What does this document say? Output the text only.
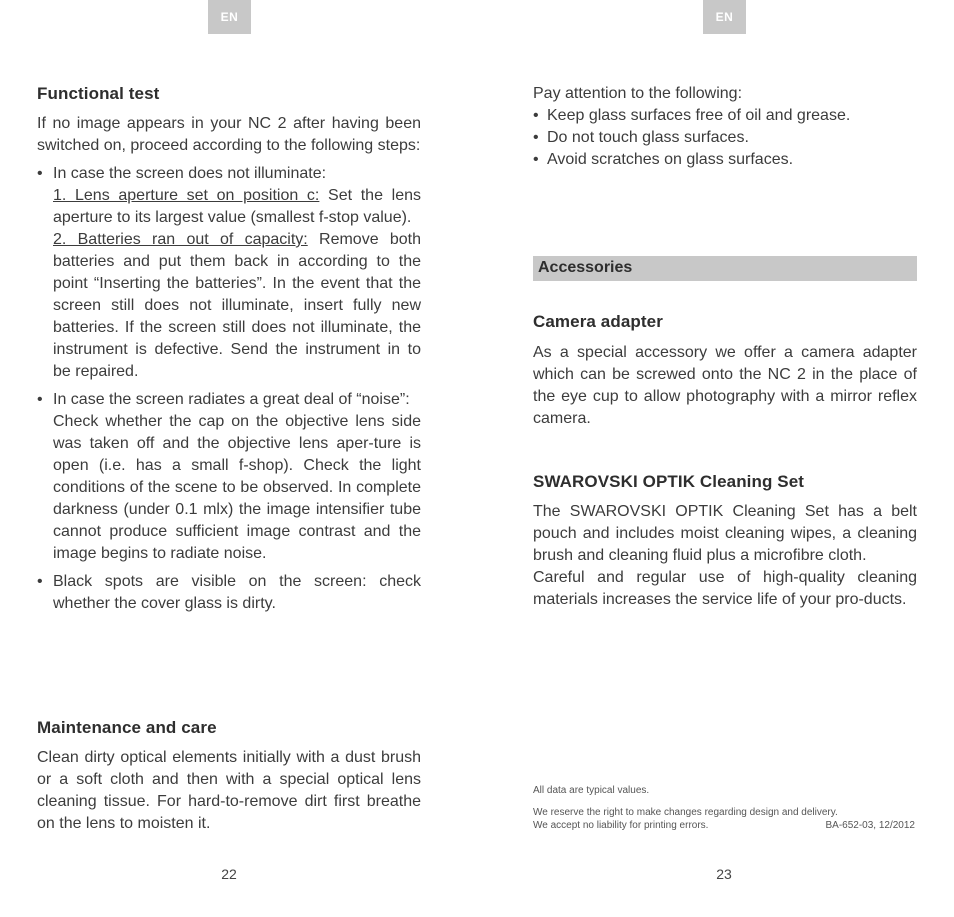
EN
Functional test

If no image appears in your NC 2 after having been switched on, proceed according to the following steps:

• In case the screen does not illuminate:
1. Lens aperture set on position c: Set the lens aperture to its largest value (smallest f-stop value).
2. Batteries ran out of capacity: Remove both batteries and put them back in according to the point “Inserting the batteries”. In the event that the screen still does not illuminate, insert fully new batteries. If the screen still does not illuminate, the instrument is defective. Send the instrument in to be repaired.
• In case the screen radiates a great deal of “noise”:
Check whether the cap on the objective lens side was taken off and the objective lens aper-ture is open (i.e. has a small f-shop). Check the light conditions of the scene to be observed. In complete darkness (under 0.1 mlx) the image intensifier tube cannot produce sufficient image contrast and the image begins to radiate noise.
• Black spots are visible on the screen: check whether the cover glass is dirty.
Maintenance and care

Clean dirty optical elements initially with a dust brush or a soft cloth and then with a special optical lens cleaning tissue. For hard-to-remove dirt first breathe on the lens to moisten it.

22
EN

Pay attention to the following:

• Keep glass surfaces free of oil and grease.
• Do not touch glass surfaces.
• Avoid scratches on glass surfaces.
Accessories
Camera adapter

As a special accessory we offer a camera adapter which can be screwed onto the NC 2 in the place of the eye cup to allow photography with a mirror reflex camera.

SWAROVSKI OPTIK Cleaning Set

The SWAROVSKI OPTIK Cleaning Set has a belt pouch and includes moist cleaning wipes, a cleaning brush and cleaning fluid plus a microfibre cloth.

Careful and regular use of high-quality cleaning materials increases the service life of your pro-ducts.

All data are typical values.
We reserve the right to make changes regarding design and delivery.
We accept no liability for printing errors.	BA-652-03, 12/2012
23
